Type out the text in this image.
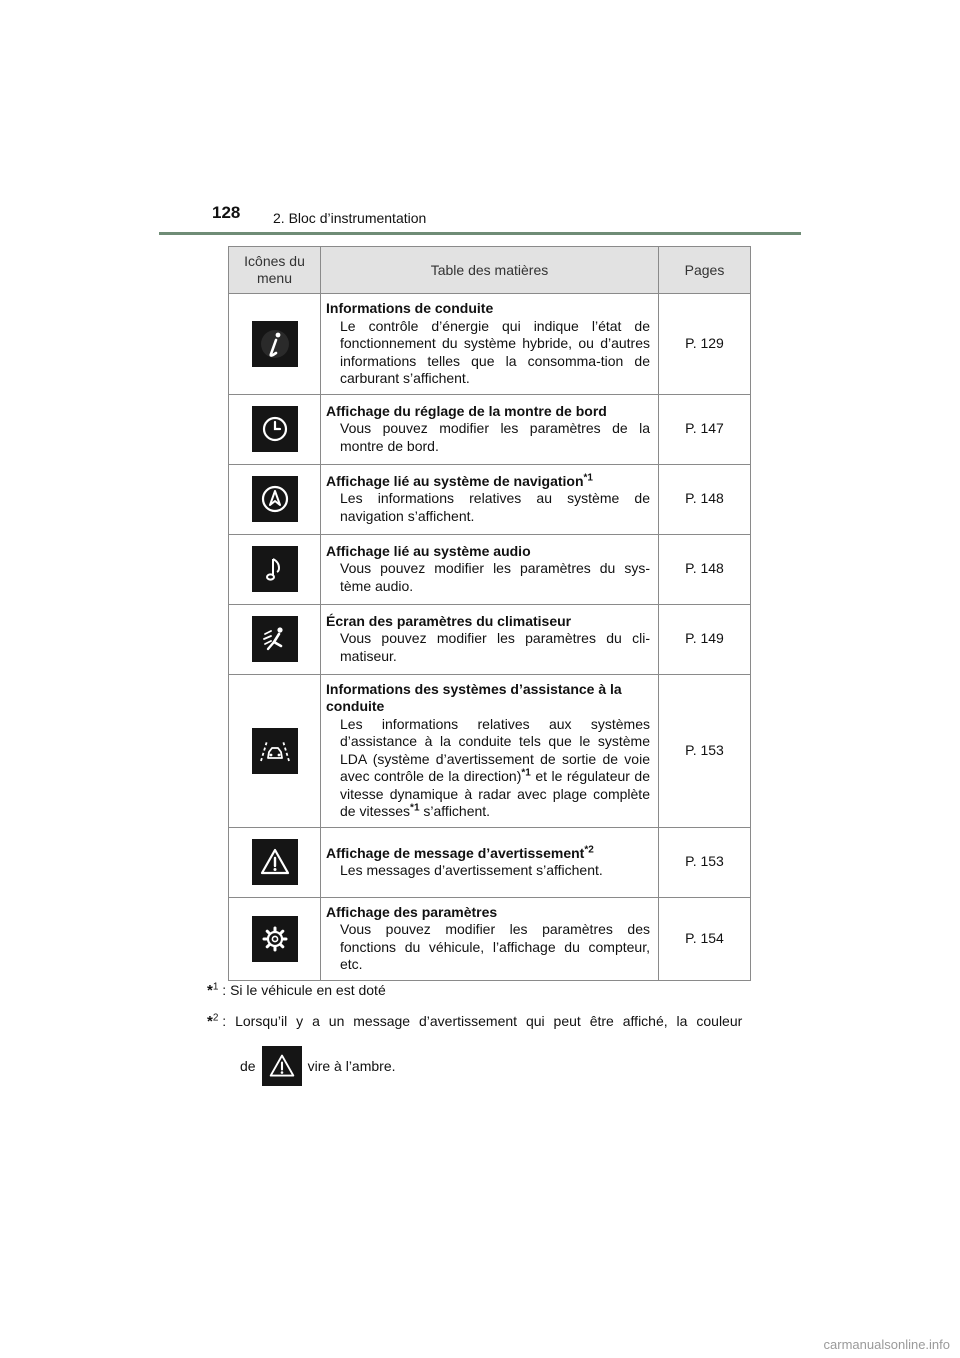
128 2. Bloc d’instrumentation
Icônes du menu	Table des matières	Pages

Informations de conduite
Le contrôle d’énergie qui indique l’état de fonctionnement du système hybride, ou d’autres informations telles que la consomma-tion de carburant s’affichent.	P. 129

Affichage du réglage de la montre de bord
Vous pouvez modifier les paramètres de la montre de bord.	P. 147

Affichage lié au système de navigation$^{*1}$
Les informations relatives au système de navigation s’affichent.	P. 148

Affichage lié au système audio
Vous pouvez modifier les paramètres du sys-tème audio.	P. 148

Écran des paramètres du climatiseur
Vous pouvez modifier les paramètres du cli-matiseur.	P. 149

Informations des systèmes d’assistance à la conduite
Les informations relatives aux systèmes d’assistance à la conduite tels que le système LDA (système d’avertissement de sortie de voie avec contrôle de la direction)$^{*1}$ et le régulateur de vitesse dynamique à radar avec plage complète de vitesses$^{*1}$ s’affichent.	P. 153

Affichage de message d’avertissement$^{*2}$
Les messages d’avertissement s’affichent.	P. 153

Affichage des paramètres
Vous pouvez modifier les paramètres des fonctions du véhicule, l’affichage du compteur, etc.	P. 154
*$^1$ : Si le véhicule en est doté
*$^2$ : Lorsqu’il y a un message d’avertissement qui peut être affiché, la couleur
de	vire à l’ambre.
carmanualsonline.info
